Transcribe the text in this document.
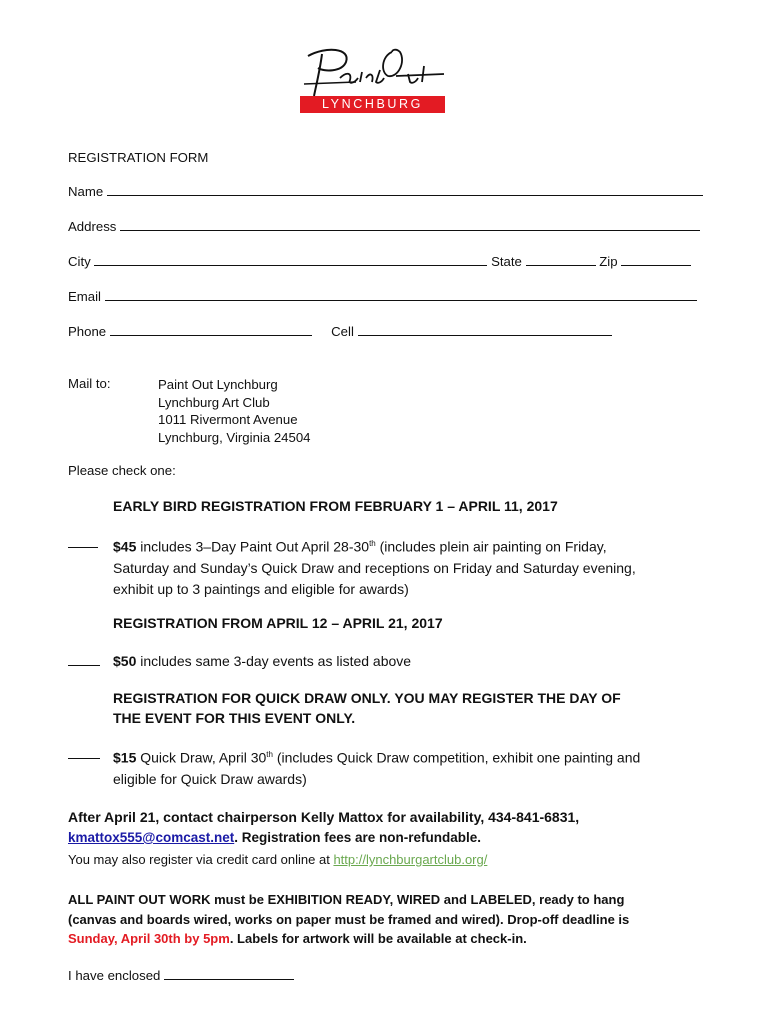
LYNCHBURG
REGISTRATION FORM
Name
Address
City	State	Zip
Email
Phone	Cell
Mail to:	Paint Out Lynchburg
Lynchburg Art Club
1011 Rivermont Avenue
Lynchburg, Virginia 24504
Please check one:
EARLY BIRD REGISTRATION FROM FEBRUARY 1 – APRIL 11, 2017
$45 includes 3–Day Paint Out April 28-30th (includes plein air painting on Friday,
Saturday and Sunday’s Quick Draw and receptions on Friday and Saturday evening,
exhibit up to 3 paintings and eligible for awards)
REGISTRATION FROM APRIL 12 – APRIL 21, 2017
$50 includes same 3-day events as listed above
REGISTRATION FOR QUICK DRAW ONLY. YOU MAY REGISTER THE DAY OF
THE EVENT FOR THIS EVENT ONLY.
$15 Quick Draw, April 30th (includes Quick Draw competition, exhibit one painting and
eligible for Quick Draw awards)
After April 21, contact chairperson Kelly Mattox for availability, 434-841-6831,
kmattox555@comcast.net. Registration fees are non-refundable.
You may also register via credit card online at http://lynchburgartclub.org/
ALL PAINT OUT WORK must be EXHIBITION READY, WIRED and LABELED, ready to hang
(canvas and boards wired, works on paper must be framed and wired). Drop-off deadline is
Sunday, April 30th by 5pm. Labels for artwork will be available at check-in.
I have enclosed
